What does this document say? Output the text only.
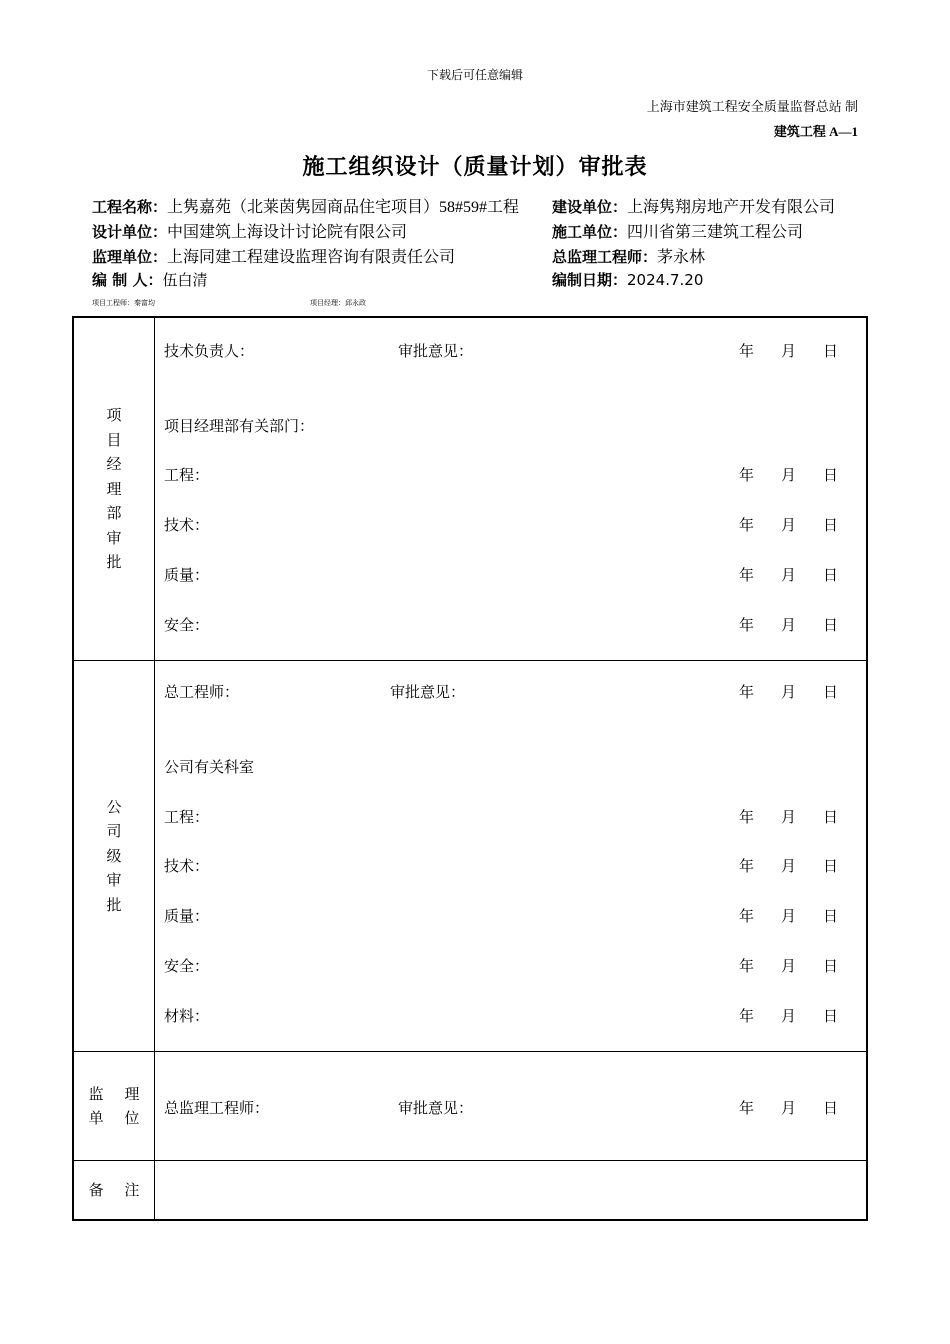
下载后可任意编辑
上海市建筑工程安全质量监督总站 制
建筑工程 A—1
施工组织设计（质量计划）审批表
工程名称：上隽嘉苑（北莱茵隽园商品住宅项目）58#59#工程 建设单位：上海隽翔房地产开发有限公司
设计单位：中国建筑上海设计讨论院有限公司	施工单位：四川省第三建筑工程公司
监理单位：上海同建工程建设监理咨询有限责任公司	总监理工程师：茅永林
编 制 人：伍白清	编制日期：2024.7.20
项目工程师：秦富均	项目经理：邱永政
项目经理部审批
技术负责人：	审批意见：	年 月 日
项目经理部有关部门：
工程：	年 月 日
技术：	年 月 日
质量：	年 月 日
安全：	年 月 日
公司级审批
总工程师：	审批意见：	年 月 日
公司有关科室
工程：	年 月 日
技术：	年 月 日
质量：	年 月 日
安全：	年 月 日
材料：	年 月 日
监 理
单 位
总监理工程师：	审批意见：	年 月 日
备 注
